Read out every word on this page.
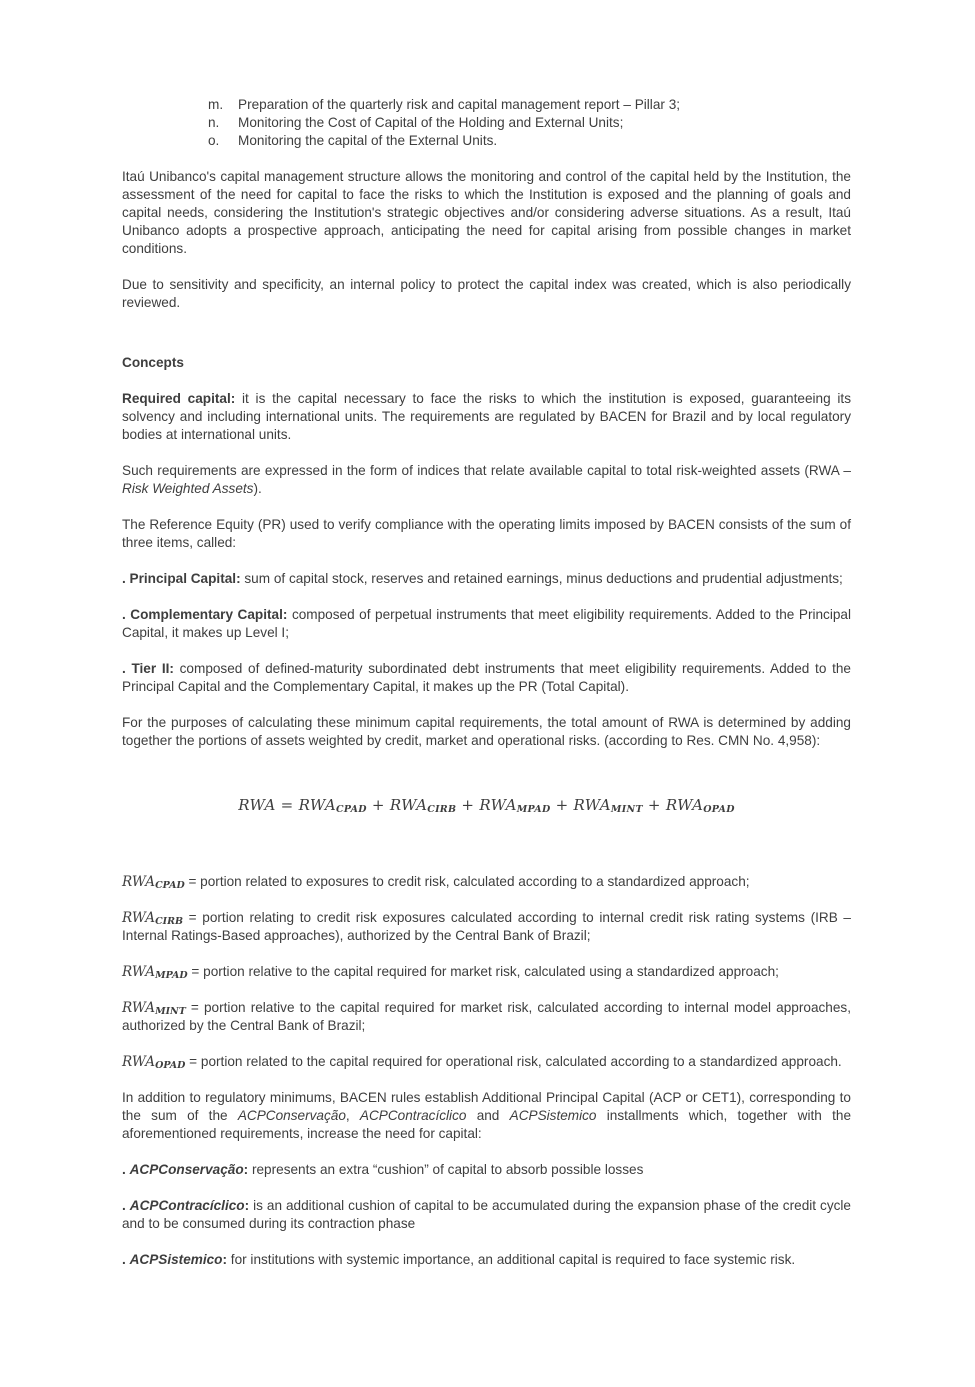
m.	Preparation of the quarterly risk and capital management report – Pillar 3;
n.	Monitoring the Cost of Capital of the Holding and External Units;
o.	Monitoring the capital of the External Units.

Itaú Unibanco's capital management structure allows the monitoring and control of the capital held by the Institution, the assessment of the need for capital to face the risks to which the Institution is exposed and the planning of goals and capital needs, considering the Institution's strategic objectives and/or considering adverse situations. As a result, Itaú Unibanco adopts a prospective approach, anticipating the need for capital arising from possible changes in market conditions.

Due to sensitivity and specificity, an internal policy to protect the capital index was created, which is also periodically reviewed.

Concepts

Required capital: it is the capital necessary to face the risks to which the institution is exposed, guaranteeing its solvency and including international units. The requirements are regulated by BACEN for Brazil and by local regulatory bodies at international units.

Such requirements are expressed in the form of indices that relate available capital to total risk-weighted assets (RWA – Risk Weighted Assets).

The Reference Equity (PR) used to verify compliance with the operating limits imposed by BACEN consists of the sum of three items, called:

. Principal Capital: sum of capital stock, reserves and retained earnings, minus deductions and prudential adjustments;

. Complementary Capital: composed of perpetual instruments that meet eligibility requirements. Added to the Principal Capital, it makes up Level I;

. Tier II: composed of defined-maturity subordinated debt instruments that meet eligibility requirements. Added to the Principal Capital and the Complementary Capital, it makes up the PR (Total Capital).

For the purposes of calculating these minimum capital requirements, the total amount of RWA is determined by adding together the portions of assets weighted by credit, market and operational risks. (according to Res. CMN No. 4,958):

RWA = $RWA_{CPAD} + RWA_{CIRB} + RWA_{MPAD} + RWA_{MINT} + RWA_{OPAD}$

$RWA_{CPAD}$ = portion related to exposures to credit risk, calculated according to a standardized approach;

$RWA_{CIRB}$ = portion relating to credit risk exposures calculated according to internal credit risk rating systems (IRB – Internal Ratings-Based approaches), authorized by the Central Bank of Brazil;

$RWA_{MPAD}$ = portion relative to the capital required for market risk, calculated using a standardized approach;

$RWA_{MINT}$ = portion relative to the capital required for market risk, calculated according to internal model approaches, authorized by the Central Bank of Brazil;

$RWA_{OPAD}$ = portion related to the capital required for operational risk, calculated according to a standardized approach.

In addition to regulatory minimums, BACEN rules establish Additional Principal Capital (ACP or CET1), corresponding to the sum of the ACPConservação, ACPContracíclico and ACPSistemico installments which, together with the aforementioned requirements, increase the need for capital:

. ACPConservação: represents an extra “cushion” of capital to absorb possible losses

. ACPContracíclico: is an additional cushion of capital to be accumulated during the expansion phase of the credit cycle and to be consumed during its contraction phase

. ACPSistemico: for institutions with systemic importance, an additional capital is required to face systemic risk.
